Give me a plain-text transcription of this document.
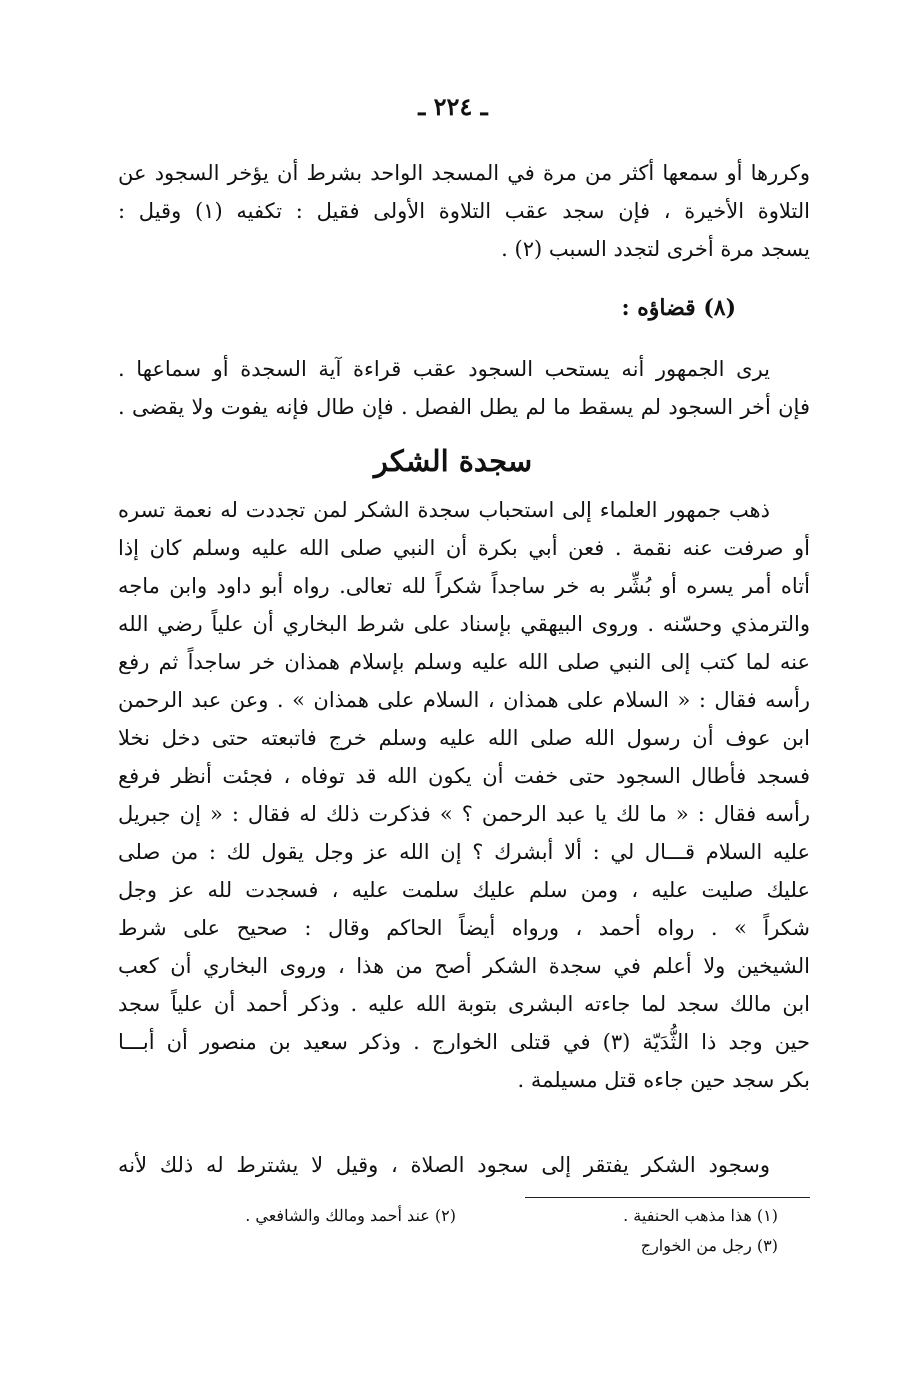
ـ ٢٢٤ ـ
وكررها أو سمعها أكثر من مرة في المسجد الواحد بشرط أن يؤخر السجود عن
التلاوة الأخيرة ، فإن سجد عقب التلاوة الأولى فقيل : تكفيه (١) وقيل :
يسجد مرة أخرى لتجدد السبب (٢) .
(٨) قضاؤه :
يرى الجمهور أنه يستحب السجود عقب قراءة آية السجدة أو سماعها .
فإن أخر السجود لم يسقط ما لم يطل الفصل . فإن طال فإنه يفوت ولا يقضى .
سجدة الشكر
ذهب جمهور العلماء إلى استحباب سجدة الشكر لمن تجددت له نعمة تسره
أو صرفت عنه نقمة . فعن أبي بكرة أن النبي صلى الله عليه وسلم كان إذا
أتاه أمر يسره أو بُشِّر به خر ساجداً شكراً لله تعالى. رواه أبو داود وابن ماجه
والترمذي وحسّنه . وروى البيهقي بإسناد على شرط البخاري أن علياً رضي الله
عنه لما كتب إلى النبي صلى الله عليه وسلم بإسلام همذان خر ساجداً ثم رفع
رأسه فقال : « السلام على همذان ، السلام على همذان » . وعن عبد الرحمن
ابن عوف أن رسول الله صلى الله عليه وسلم خرج فاتبعته حتى دخل نخلا
فسجد فأطال السجود حتى خفت أن يكون الله قد توفاه ، فجئت أنظر فرفع
رأسه فقال : « ما لك يا عبد الرحمن ؟ » فذكرت ذلك له فقال : « إن جبريل
عليه السلام قـــال لي : ألا أبشرك ؟ إن الله عز وجل يقول لك : من صلى
عليك صليت عليه ، ومن سلم عليك سلمت عليه ، فسجدت لله عز وجل
شكراً » . رواه أحمد ، ورواه أيضاً الحاكم وقال : صحيح على شرط
الشيخين ولا أعلم في سجدة الشكر أصح من هذا ، وروى البخاري أن كعب
ابن مالك سجد لما جاءته البشرى بتوبة الله عليه . وذكر أحمد أن علياً سجد
حين وجد ذا الثُّدَيّة (٣) في قتلى الخوارج . وذكر سعيد بن منصور أن أبـــا
بكر سجد حين جاءه قتل مسيلمة .
وسجود الشكر يفتقر إلى سجود الصلاة ، وقيل لا يشترط له ذلك لأنه
(١) هذا مذهب الحنفية .
(٢) عند أحمد ومالك والشافعي .
(٣) رجل من الخوارج
